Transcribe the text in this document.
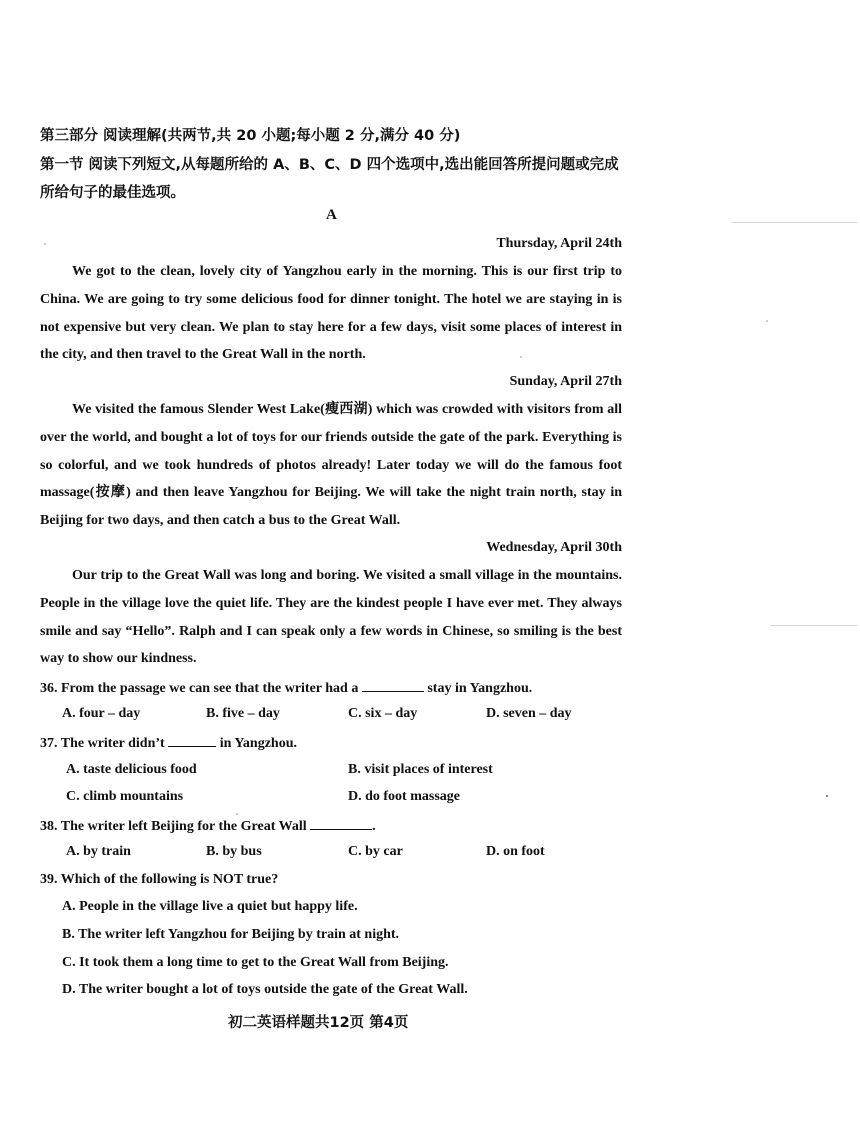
第三部分 阅读理解(共两节,共 20 小题;每小题 2 分,满分 40 分)
第一节 阅读下列短文,从每题所给的 A、B、C、D 四个选项中,选出能回答所提问题或完成
所给句子的最佳选项。
A
Thursday, April 24th
We got to the clean, lovely city of Yangzhou early in the morning. This is our first trip to China. We are going to try some delicious food for dinner tonight. The hotel we are staying in is not expensive but very clean. We plan to stay here for a few days, visit some places of interest in the city, and then travel to the Great Wall in the north.
Sunday, April 27th
We visited the famous Slender West Lake(瘦西湖) which was crowded with visitors from all over the world, and bought a lot of toys for our friends outside the gate of the park. Everything is so colorful, and we took hundreds of photos already! Later today we will do the famous foot massage(按摩) and then leave Yangzhou for Beijing. We will take the night train north, stay in Beijing for two days, and then catch a bus to the Great Wall.
Wednesday, April 30th
Our trip to the Great Wall was long and boring. We visited a small village in the mountains. People in the village love the quiet life. They are the kindest people I have ever met. They always smile and say “Hello”. Ralph and I can speak only a few words in Chinese, so smiling is the best way to show our kindness.
36. From the passage we can see that the writer had a	stay in Yangzhou.
A. four – day	B. five – day	C. six – day	D. seven – day
37. The writer didn’t	in Yangzhou.
A. taste delicious food	B. visit places of interest
C. climb mountains	D. do foot massage
38. The writer left Beijing for the Great Wall	.
A. by train	B. by bus	C. by car	D. on foot
39. Which of the following is NOT true?
A. People in the village live a quiet but happy life.
B. The writer left Yangzhou for Beijing by train at night.
C. It took them a long time to get to the Great Wall from Beijing.
D. The writer bought a lot of toys outside the gate of the Great Wall.
初二英语样题共12页 第4页
